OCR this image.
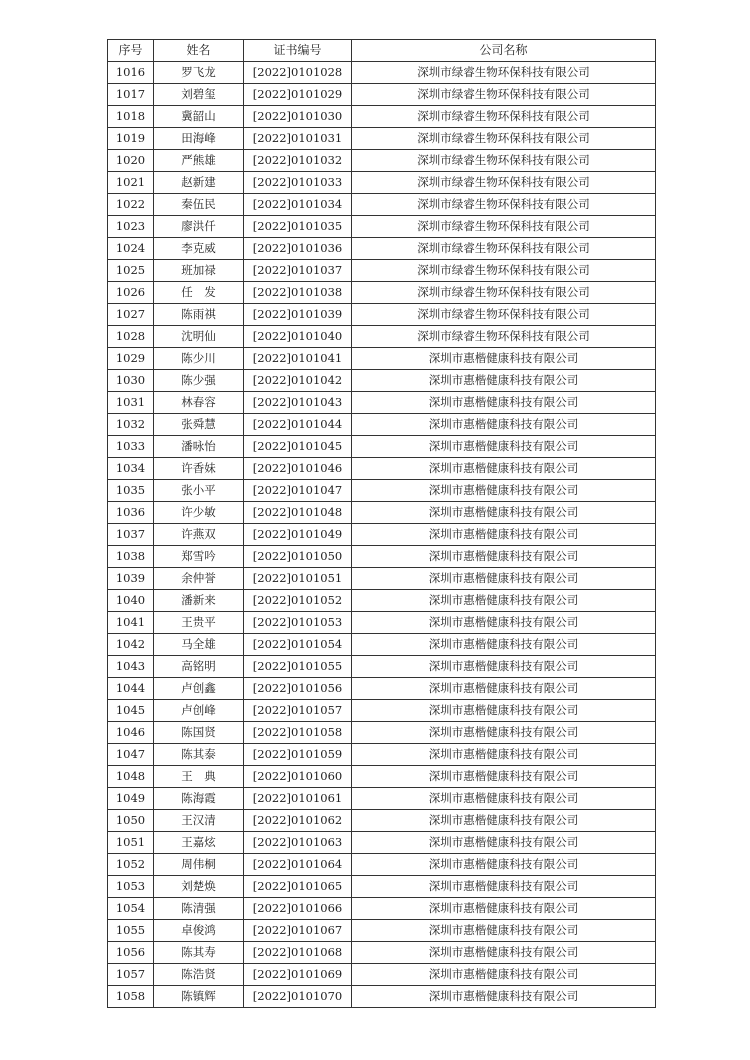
序号	姓名	证书编号	公司名称
1016	罗飞龙	[2022]0101028	深圳市绿睿生物环保科技有限公司
1017	刘碧玺	[2022]0101029	深圳市绿睿生物环保科技有限公司
1018	冀韶山	[2022]0101030	深圳市绿睿生物环保科技有限公司
1019	田海峰	[2022]0101031	深圳市绿睿生物环保科技有限公司
1020	严熊雄	[2022]0101032	深圳市绿睿生物环保科技有限公司
1021	赵新建	[2022]0101033	深圳市绿睿生物环保科技有限公司
1022	秦伍民	[2022]0101034	深圳市绿睿生物环保科技有限公司
1023	廖洪仟	[2022]0101035	深圳市绿睿生物环保科技有限公司
1024	李克威	[2022]0101036	深圳市绿睿生物环保科技有限公司
1025	班加禄	[2022]0101037	深圳市绿睿生物环保科技有限公司
1026	任　发	[2022]0101038	深圳市绿睿生物环保科技有限公司
1027	陈雨祺	[2022]0101039	深圳市绿睿生物环保科技有限公司
1028	沈明仙	[2022]0101040	深圳市绿睿生物环保科技有限公司
1029	陈少川	[2022]0101041	深圳市惠楷健康科技有限公司
1030	陈少强	[2022]0101042	深圳市惠楷健康科技有限公司
1031	林春容	[2022]0101043	深圳市惠楷健康科技有限公司
1032	张舜慧	[2022]0101044	深圳市惠楷健康科技有限公司
1033	潘咏怡	[2022]0101045	深圳市惠楷健康科技有限公司
1034	许香妹	[2022]0101046	深圳市惠楷健康科技有限公司
1035	张小平	[2022]0101047	深圳市惠楷健康科技有限公司
1036	许少敏	[2022]0101048	深圳市惠楷健康科技有限公司
1037	许燕双	[2022]0101049	深圳市惠楷健康科技有限公司
1038	郑雪吟	[2022]0101050	深圳市惠楷健康科技有限公司
1039	余仲誉	[2022]0101051	深圳市惠楷健康科技有限公司
1040	潘新来	[2022]0101052	深圳市惠楷健康科技有限公司
1041	王贵平	[2022]0101053	深圳市惠楷健康科技有限公司
1042	马全雄	[2022]0101054	深圳市惠楷健康科技有限公司
1043	高铭明	[2022]0101055	深圳市惠楷健康科技有限公司
1044	卢创鑫	[2022]0101056	深圳市惠楷健康科技有限公司
1045	卢创峰	[2022]0101057	深圳市惠楷健康科技有限公司
1046	陈国贤	[2022]0101058	深圳市惠楷健康科技有限公司
1047	陈其泰	[2022]0101059	深圳市惠楷健康科技有限公司
1048	王　典	[2022]0101060	深圳市惠楷健康科技有限公司
1049	陈海霞	[2022]0101061	深圳市惠楷健康科技有限公司
1050	王汉清	[2022]0101062	深圳市惠楷健康科技有限公司
1051	王嘉炫	[2022]0101063	深圳市惠楷健康科技有限公司
1052	周伟桐	[2022]0101064	深圳市惠楷健康科技有限公司
1053	刘楚焕	[2022]0101065	深圳市惠楷健康科技有限公司
1054	陈清强	[2022]0101066	深圳市惠楷健康科技有限公司
1055	卓俊鸿	[2022]0101067	深圳市惠楷健康科技有限公司
1056	陈其寿	[2022]0101068	深圳市惠楷健康科技有限公司
1057	陈浩贤	[2022]0101069	深圳市惠楷健康科技有限公司
1058	陈镇辉	[2022]0101070	深圳市惠楷健康科技有限公司
